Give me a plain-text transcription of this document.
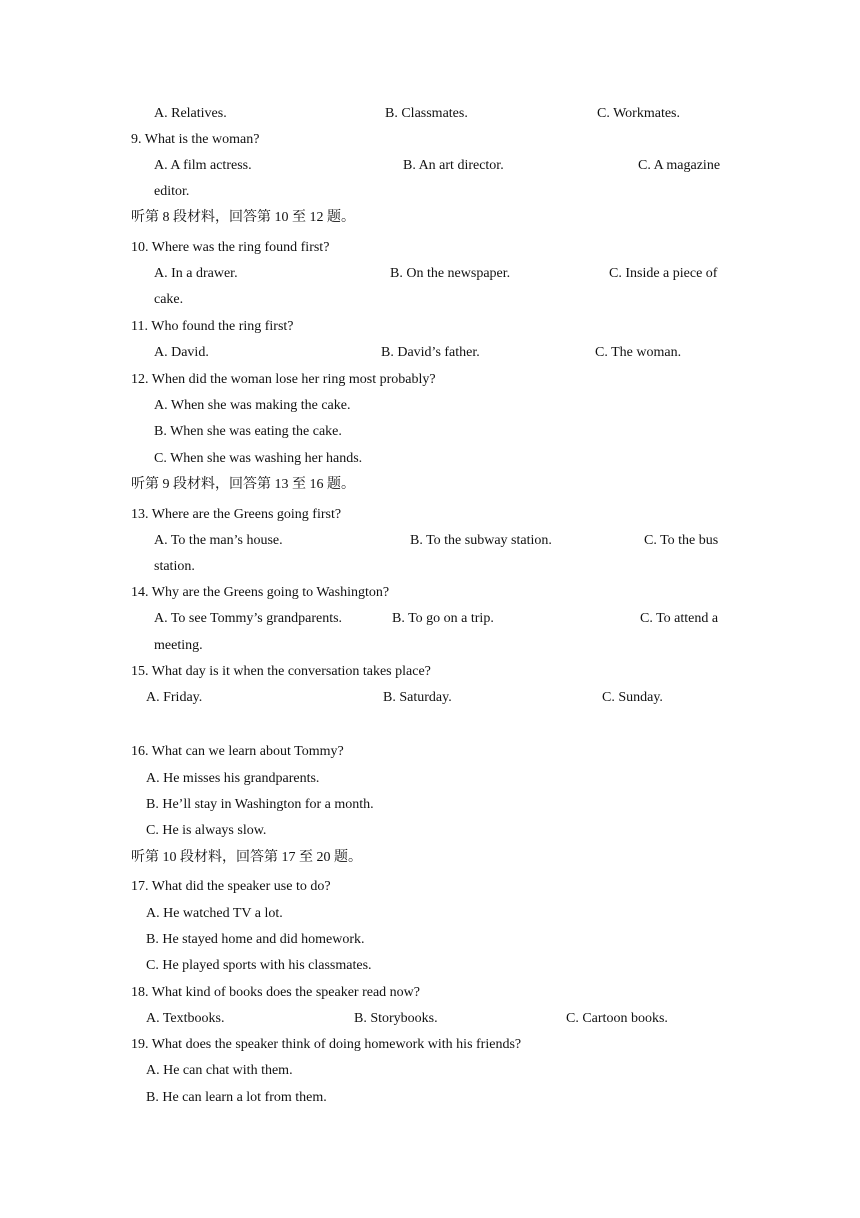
A. Relatives.	B. Classmates.	C. Workmates.
9. What is the woman?
A. A film actress.	B. An art director.	C. A magazine
editor.
听第 8 段材料，回答第 10 至 12 题。
10. Where was the ring found first?
A. In a drawer.	B. On the newspaper.	C. Inside a piece of
cake.
11. Who found the ring first?
A. David.	B. David’s father.	C. The woman.
12. When did the woman lose her ring most probably?
A. When she was making the cake.
B. When she was eating the cake.
C. When she was washing her hands.
听第 9 段材料，回答第 13 至 16 题。
13. Where are the Greens going first?
A. To the man’s house.	B. To the subway station.	C. To the bus
station.
14. Why are the Greens going to Washington?
A. To see Tommy’s grandparents.	B. To go on a trip.	C. To attend a
meeting.
15. What day is it when the conversation takes place?
A. Friday.	B. Saturday.	C. Sunday.
16. What can we learn about Tommy?
A. He misses his grandparents.
B. He’ll stay in Washington for a month.
C. He is always slow.
听第 10 段材料，回答第 17 至 20 题。
17. What did the speaker use to do?
A. He watched TV a lot.
B. He stayed home and did homework.
C. He played sports with his classmates.
18. What kind of books does the speaker read now?
A. Textbooks.	B. Storybooks.	C. Cartoon books.
19. What does the speaker think of doing homework with his friends?
A. He can chat with them.
B. He can learn a lot from them.
